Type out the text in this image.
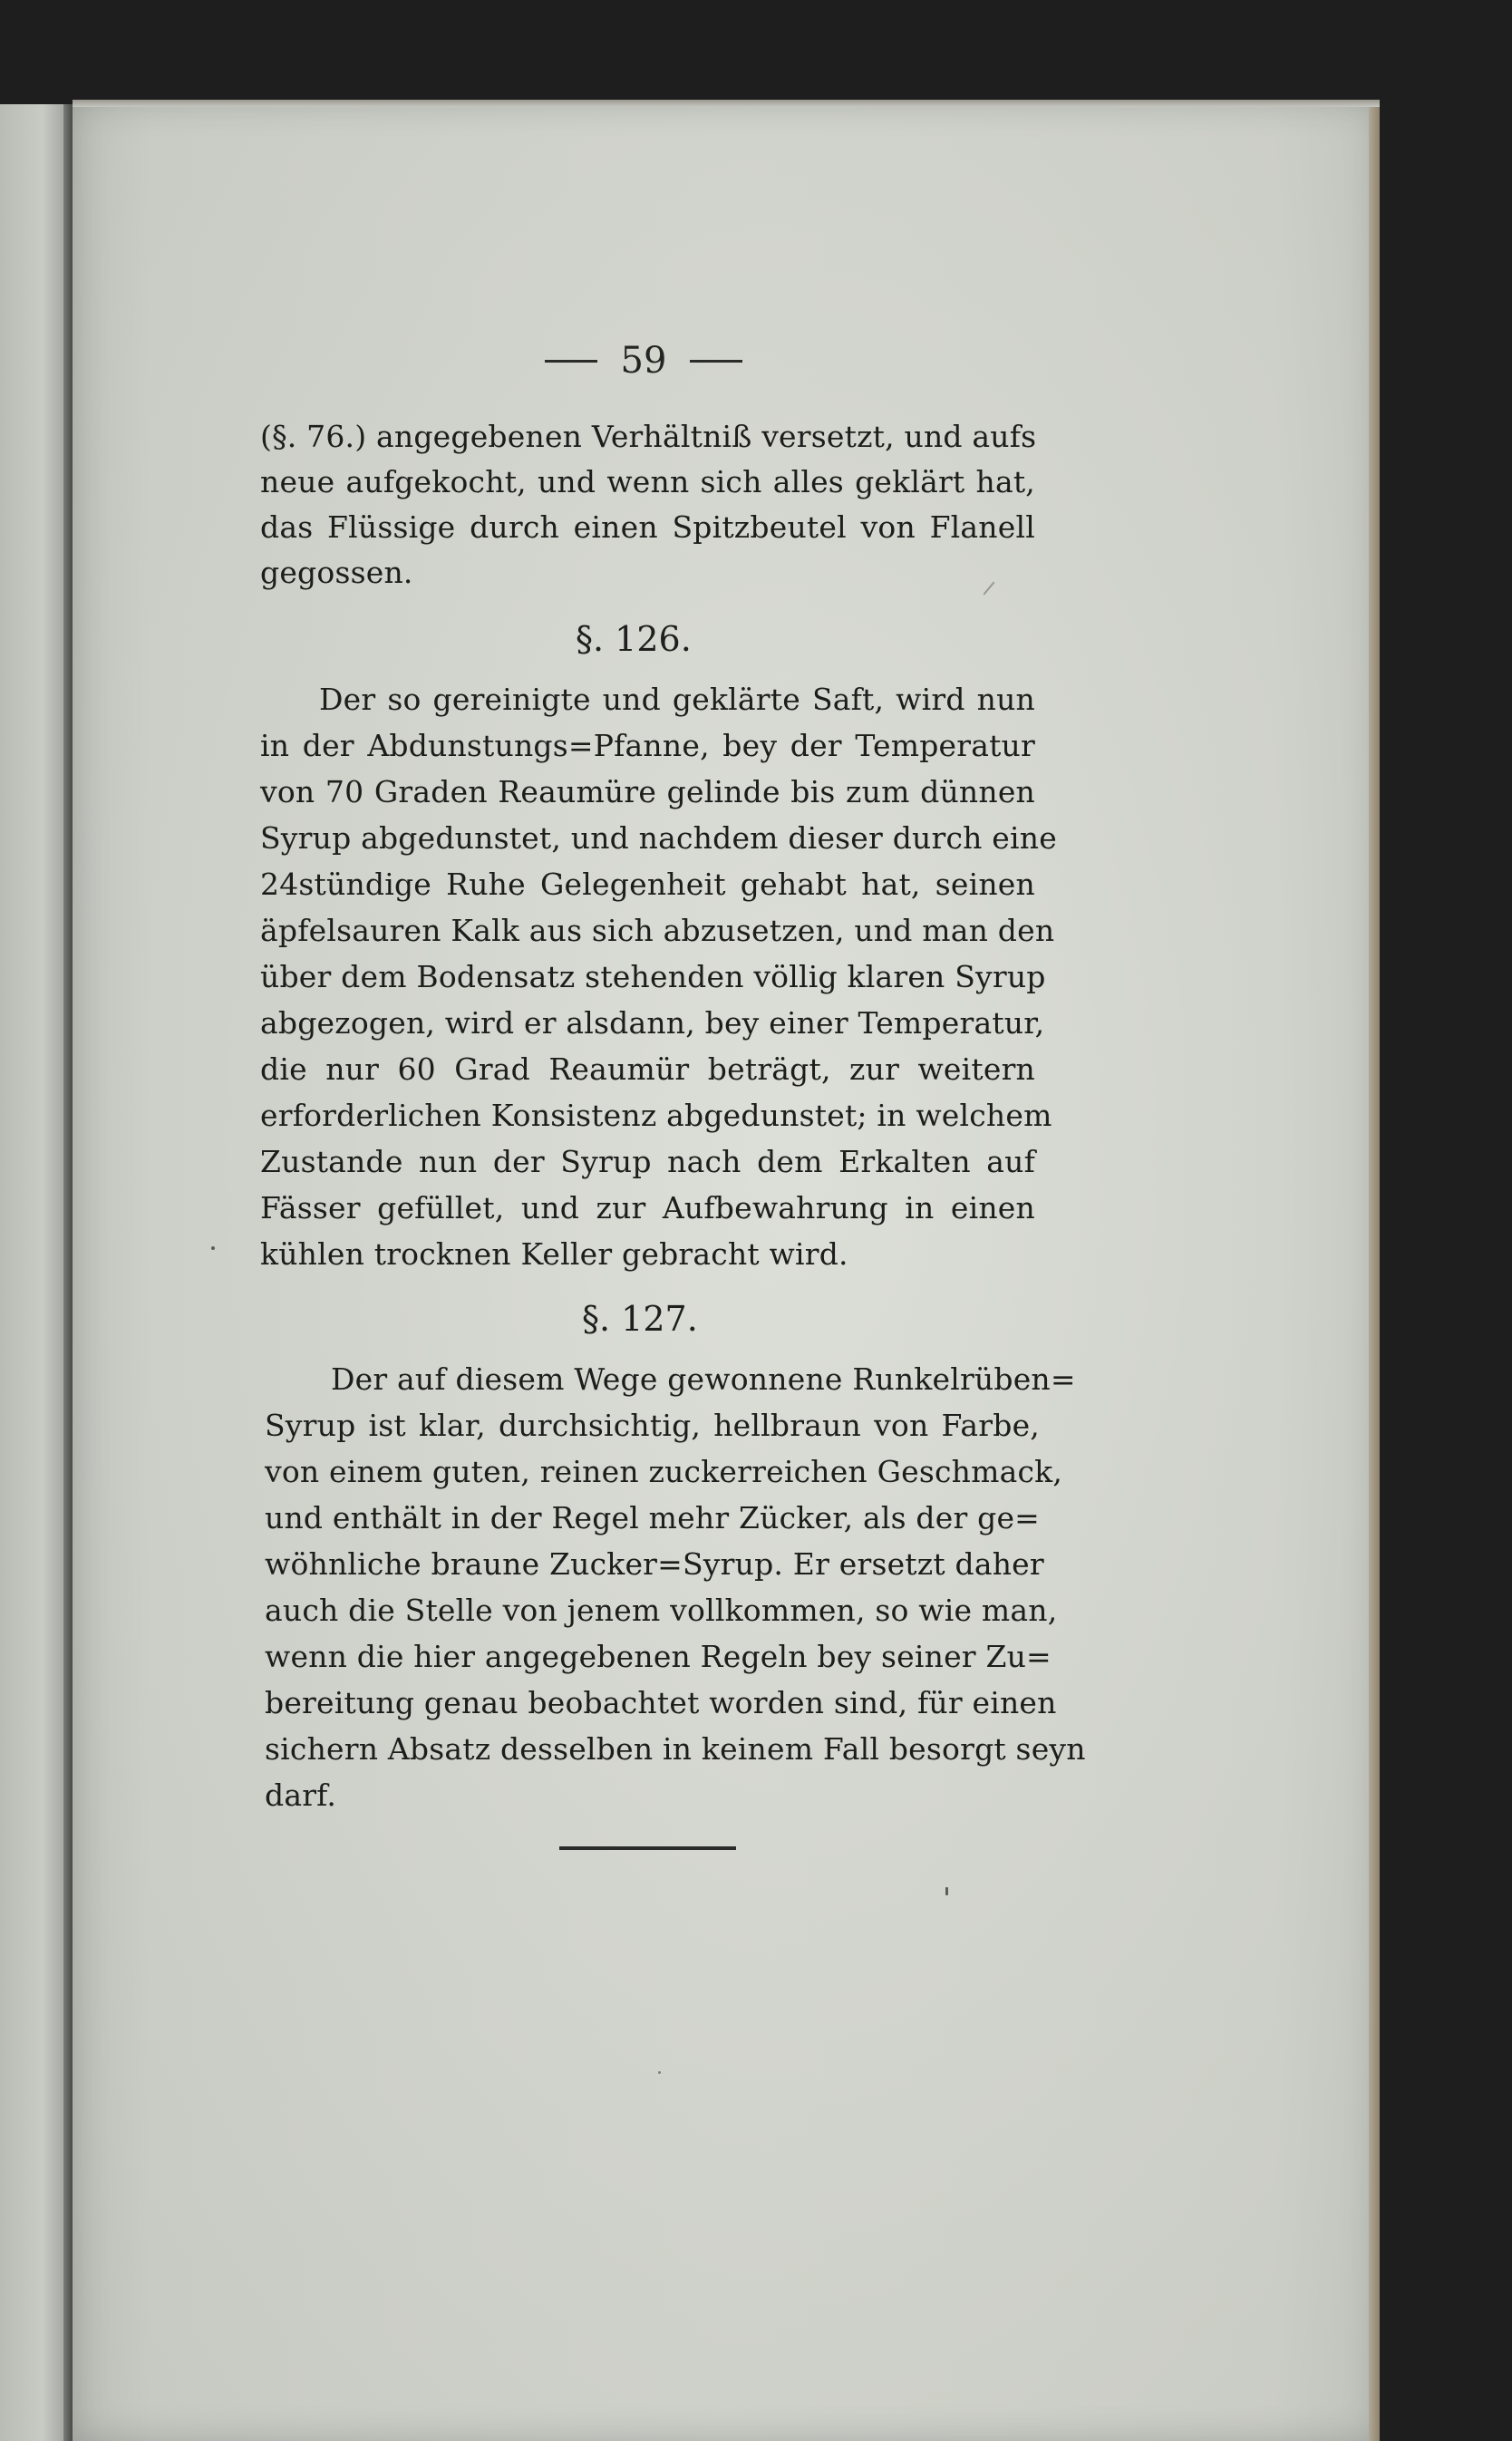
59
(§. 76.) angegebenen Verhältniß versetzt, und aufs
neue aufgekocht, und wenn sich alles geklärt hat,
das Flüssige durch einen Spitzbeutel von Flanell
gegossen.
§. 126.
Der so gereinigte und geklärte Saft, wird nun
in der Abdunstungs=Pfanne, bey der Temperatur
von 70 Graden Reaumüre gelinde bis zum dünnen
Syrup abgedunstet, und nachdem dieser durch eine
24stündige Ruhe Gelegenheit gehabt hat, seinen
äpfelsauren Kalk aus sich abzusetzen, und man den
über dem Bodensatz stehenden völlig klaren Syrup
abgezogen, wird er alsdann, bey einer Temperatur,
die nur 60 Grad Reaumür beträgt, zur weitern
erforderlichen Konsistenz abgedunstet; in welchem
Zustande nun der Syrup nach dem Erkalten auf
Fässer gefüllet, und zur Aufbewahrung in einen
kühlen trocknen Keller gebracht wird.
§. 127.
Der auf diesem Wege gewonnene Runkelrüben=
Syrup ist klar, durchsichtig, hellbraun von Farbe,
von einem guten, reinen zuckerreichen Geschmack,
und enthält in der Regel mehr Zücker, als der ge=
wöhnliche braune Zucker=Syrup. Er ersetzt daher
auch die Stelle von jenem vollkommen, so wie man,
wenn die hier angegebenen Regeln bey seiner Zu=
bereitung genau beobachtet worden sind, für einen
sichern Absatz desselben in keinem Fall besorgt seyn
darf.
